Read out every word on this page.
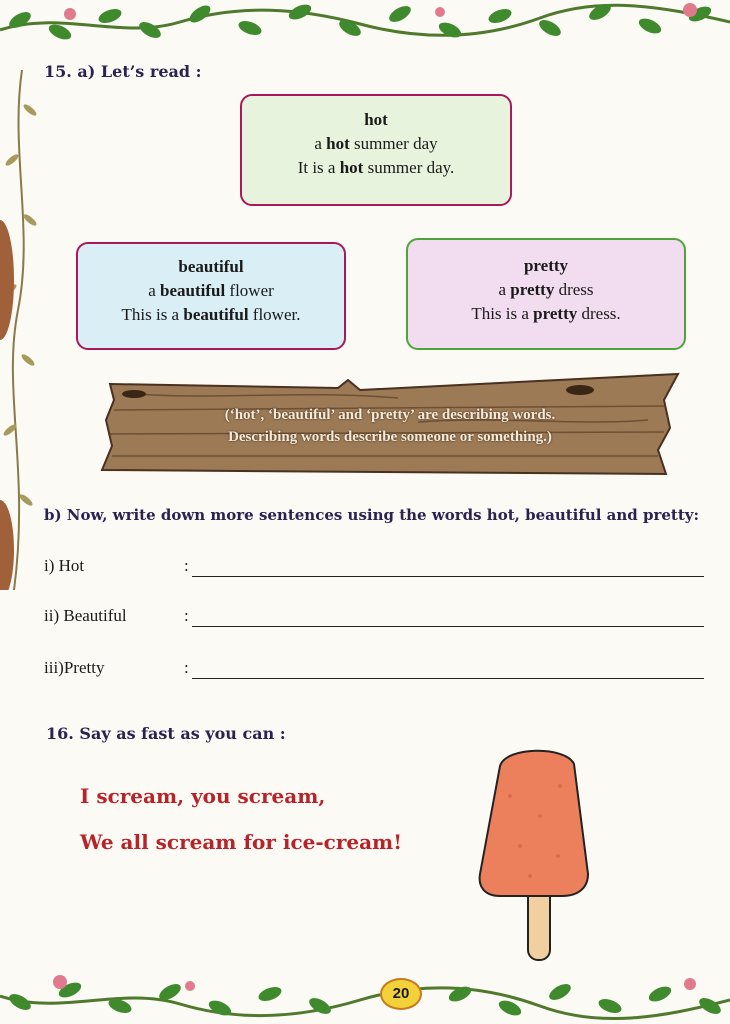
15. a) Let’s read :
hot
a hot summer day
It is a hot summer day.
beautiful
a beautiful flower
This is a beautiful flower.
pretty
a pretty dress
This is a pretty dress.
(‘hot’, ‘beautiful’ and ‘pretty’ are describing words.
Describing words describe someone or something.)
b) Now, write down more sentences using the words hot, beautiful and pretty:
i) Hot	:
ii) Beautiful	:
iii)Pretty	:
16. Say as fast as you can :
I scream, you scream,
We all scream for ice-cream!
20
